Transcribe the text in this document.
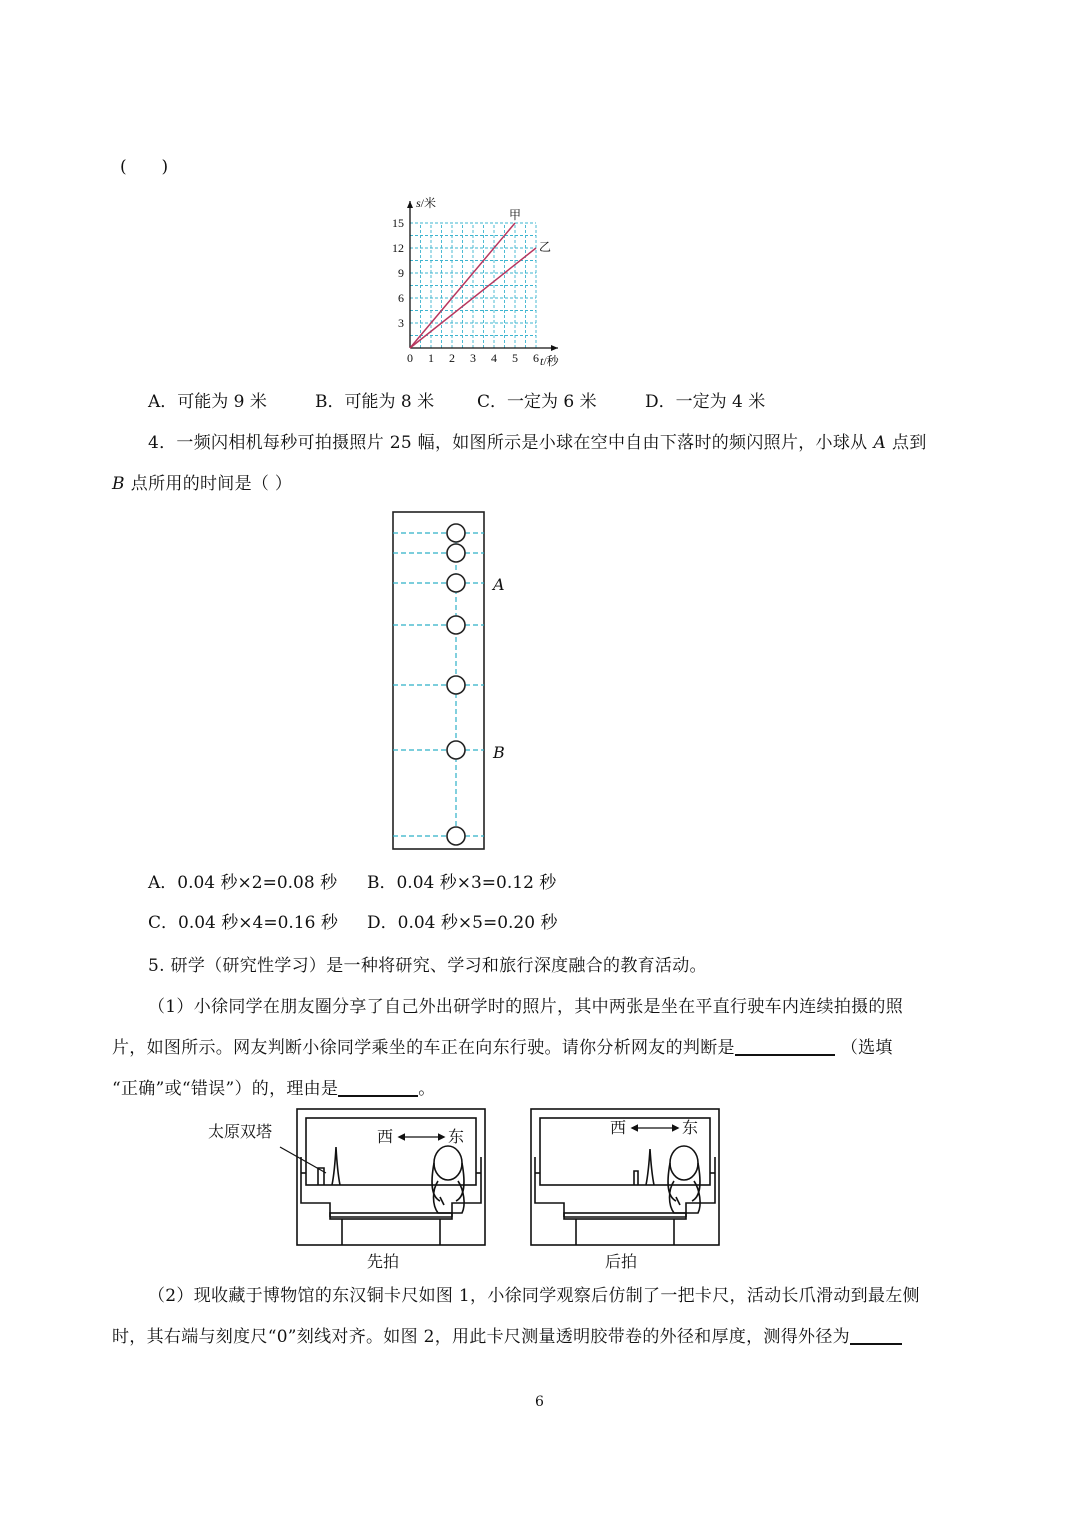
(　　)
0 1 2 3 4 5 6
3
6
9
12
15
甲
乙
s/米
t/秒
A．可能为 9 米	B．可能为 8 米	C．一定为 6 米	D．一定为 4 米
4．一频闪相机每秒可拍摄照片 25 幅，如图所示是小球在空中自由下落时的频闪照片，小球从 A 点到
B 点所用的时间是（ ）
A
B
A．0.04 秒×2=0.08 秒 B．0.04 秒×3=0.12 秒
C．0.04 秒×4=0.16 秒 D．0.04 秒×5=0.20 秒
5. 研学（研究性学习）是一种将研究、学习和旅行深度融合的教育活动。
（1）小徐同学在朋友圈分享了自己外出研学时的照片，其中两张是坐在平直行驶车内连续拍摄的照
片，如图所示。网友判断小徐同学乘坐的车正在向东行驶。请你分析网友的判断是	（选填
“正确”或“错误”）的，理由是	。
太原双塔	西	东
先拍
西	东
后拍
（2）现收藏于博物馆的东汉铜卡尺如图 1，小徐同学观察后仿制了一把卡尺，活动长爪滑动到最左侧
时，其右端与刻度尺“0”刻线对齐。如图 2，用此卡尺测量透明胶带卷的外径和厚度，测得外径为
6
